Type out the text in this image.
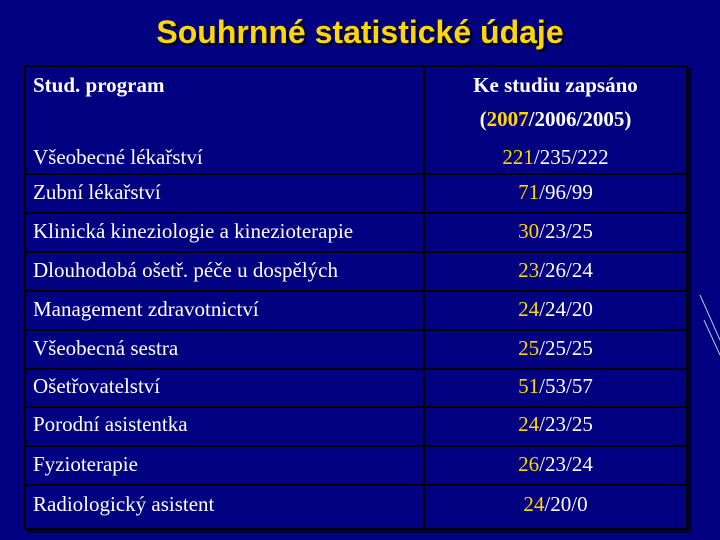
Souhrnné statistické údaje
Stud. program	Ke studiu zapsáno
(2007/2006/2005)
Všeobecné lékařství	221/235/222
Zubní lékařství	71/96/99
Klinická kineziologie a kinezioterapie	30/23/25
Dlouhodobá ošetř. péče u dospělých	23/26/24
Management zdravotnictví	24/24/20
Všeobecná sestra	25/25/25
Ošetřovatelství	51/53/57
Porodní asistentka	24/23/25
Fyzioterapie	26/23/24
Radiologický asistent	24/20/0
